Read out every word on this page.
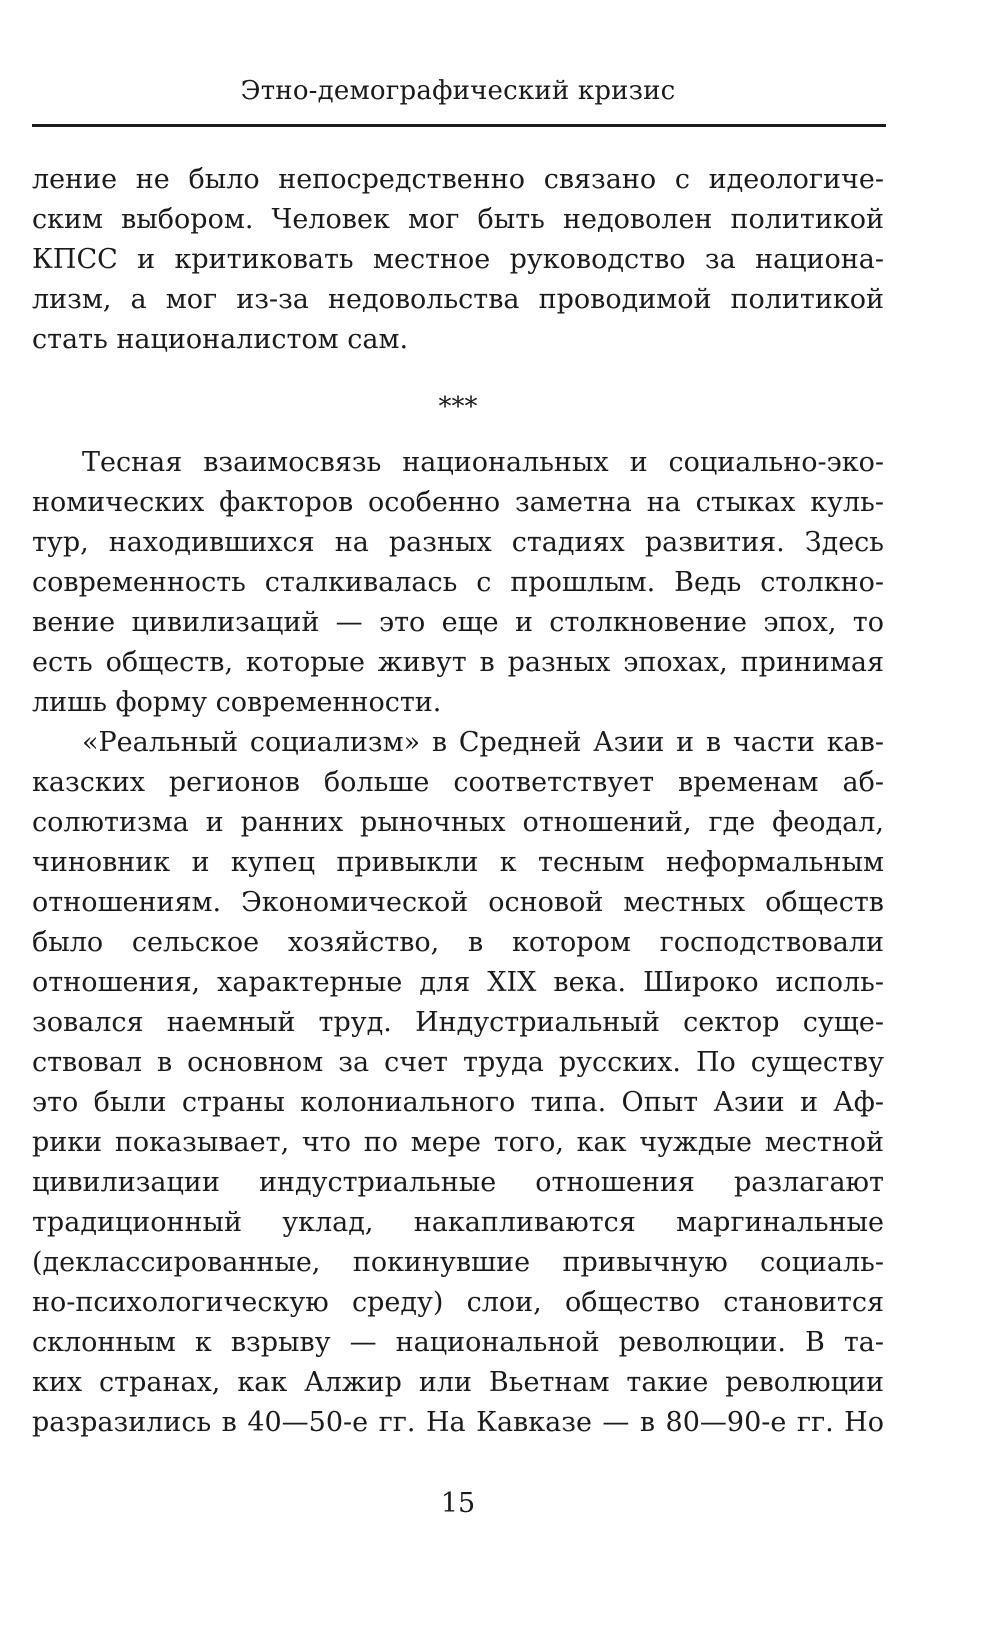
Этно-демографический кризис
ление не было непосредственно связано с идеологиче-
ским выбором. Человек мог быть недоволен политикой
КПСС и критиковать местное руководство за национа-
лизм, а мог из-за недовольства проводимой политикой
стать националистом сам.
***
Тесная взаимосвязь национальных и социально-эко-
номических факторов особенно заметна на стыках куль-
тур, находившихся на разных стадиях развития. Здесь
современность сталкивалась с прошлым. Ведь столкно-
вение цивилизаций — это еще и столкновение эпох, то
есть обществ, которые живут в разных эпохах, принимая
лишь форму современности.
«Реальный социализм» в Средней Азии и в части кав-
казских регионов больше соответствует временам аб-
солютизма и ранних рыночных отношений, где феодал,
чиновник и купец привыкли к тесным неформальным
отношениям. Экономической основой местных обществ
было сельское хозяйство, в котором господствовали
отношения, характерные для XIX века. Широко исполь-
зовался наемный труд. Индустриальный сектор суще-
ствовал в основном за счет труда русских. По существу
это были страны колониального типа. Опыт Азии и Аф-
рики показывает, что по мере того, как чуждые местной
цивилизации индустриальные отношения разлагают
традиционный уклад, накапливаются маргинальные
(деклассированные, покинувшие привычную социаль-
но-психологическую среду) слои, общество становится
склонным к взрыву — национальной революции. В та-
ких странах, как Алжир или Вьетнам такие революции
разразились в 40—50-е гг. На Кавказе — в 80—90-е гг. Но
15
